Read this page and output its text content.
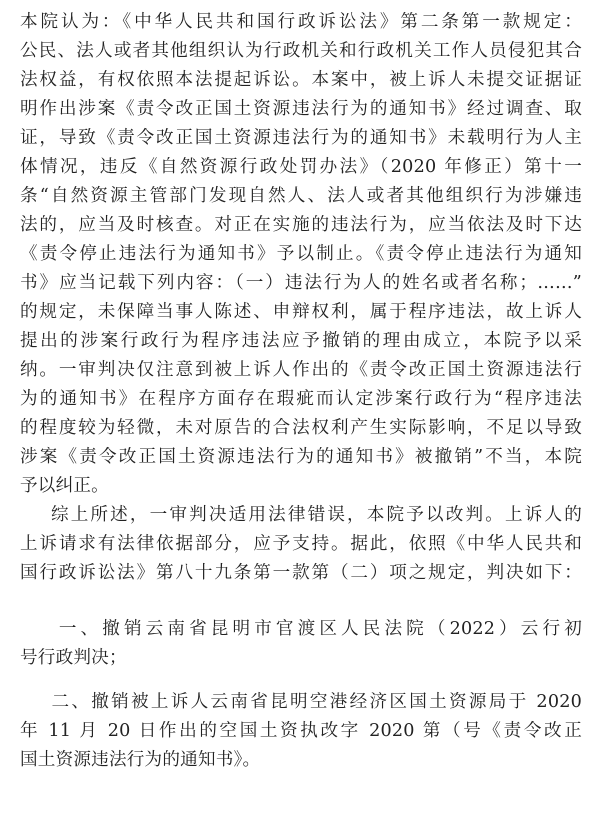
本院认为：《中华人民共和国行政诉讼法》第二条第一款规定：
公民、法人或者其他组织认为行政机关和行政机关工作人员侵犯其合
法权益，有权依照本法提起诉讼。本案中，被上诉人未提交证据证
明作出涉案《责令改正国土资源违法行为的通知书》经过调查、取
证，导致《责令改正国土资源违法行为的通知书》未载明行为人主
体情况，违反《自然资源行政处罚办法》（2020 年修正）第十一
条“自然资源主管部门发现自然人、法人或者其他组织行为涉嫌违
法的，应当及时核查。对正在实施的违法行为，应当依法及时下达
《责令停止违法行为通知书》予以制止。《责令停止违法行为通知
书》应当记载下列内容：（一）违法行为人的姓名或者名称；……”
的规定，未保障当事人陈述、申辩权利，属于程序违法，故上诉人
提出的涉案行政行为程序违法应予撤销的理由成立，本院予以采
纳。一审判决仅注意到被上诉人作出的《责令改正国土资源违法行
为的通知书》在程序方面存在瑕疵而认定涉案行政行为“程序违法
的程度较为轻微，未对原告的合法权利产生实际影响，不足以导致
涉案《责令改正国土资源违法行为的通知书》被撤销”不当，本院
予以纠正。
综上所述，一审判决适用法律错误，本院予以改判。上诉人的
上诉请求有法律依据部分，应予支持。据此，依照《中华人民共和
国行政诉讼法》第八十九条第一款第（二）项之规定，判决如下：
一、撤销云南省昆明市官渡区人民法院（2022）云行初
号行政判决；
二、撤销被上诉人云南省昆明空港经济区国土资源局于 2020
年 11 月 20 日作出的空国土资执改字 2020 第（号《责令改正
国土资源违法行为的通知书》。
